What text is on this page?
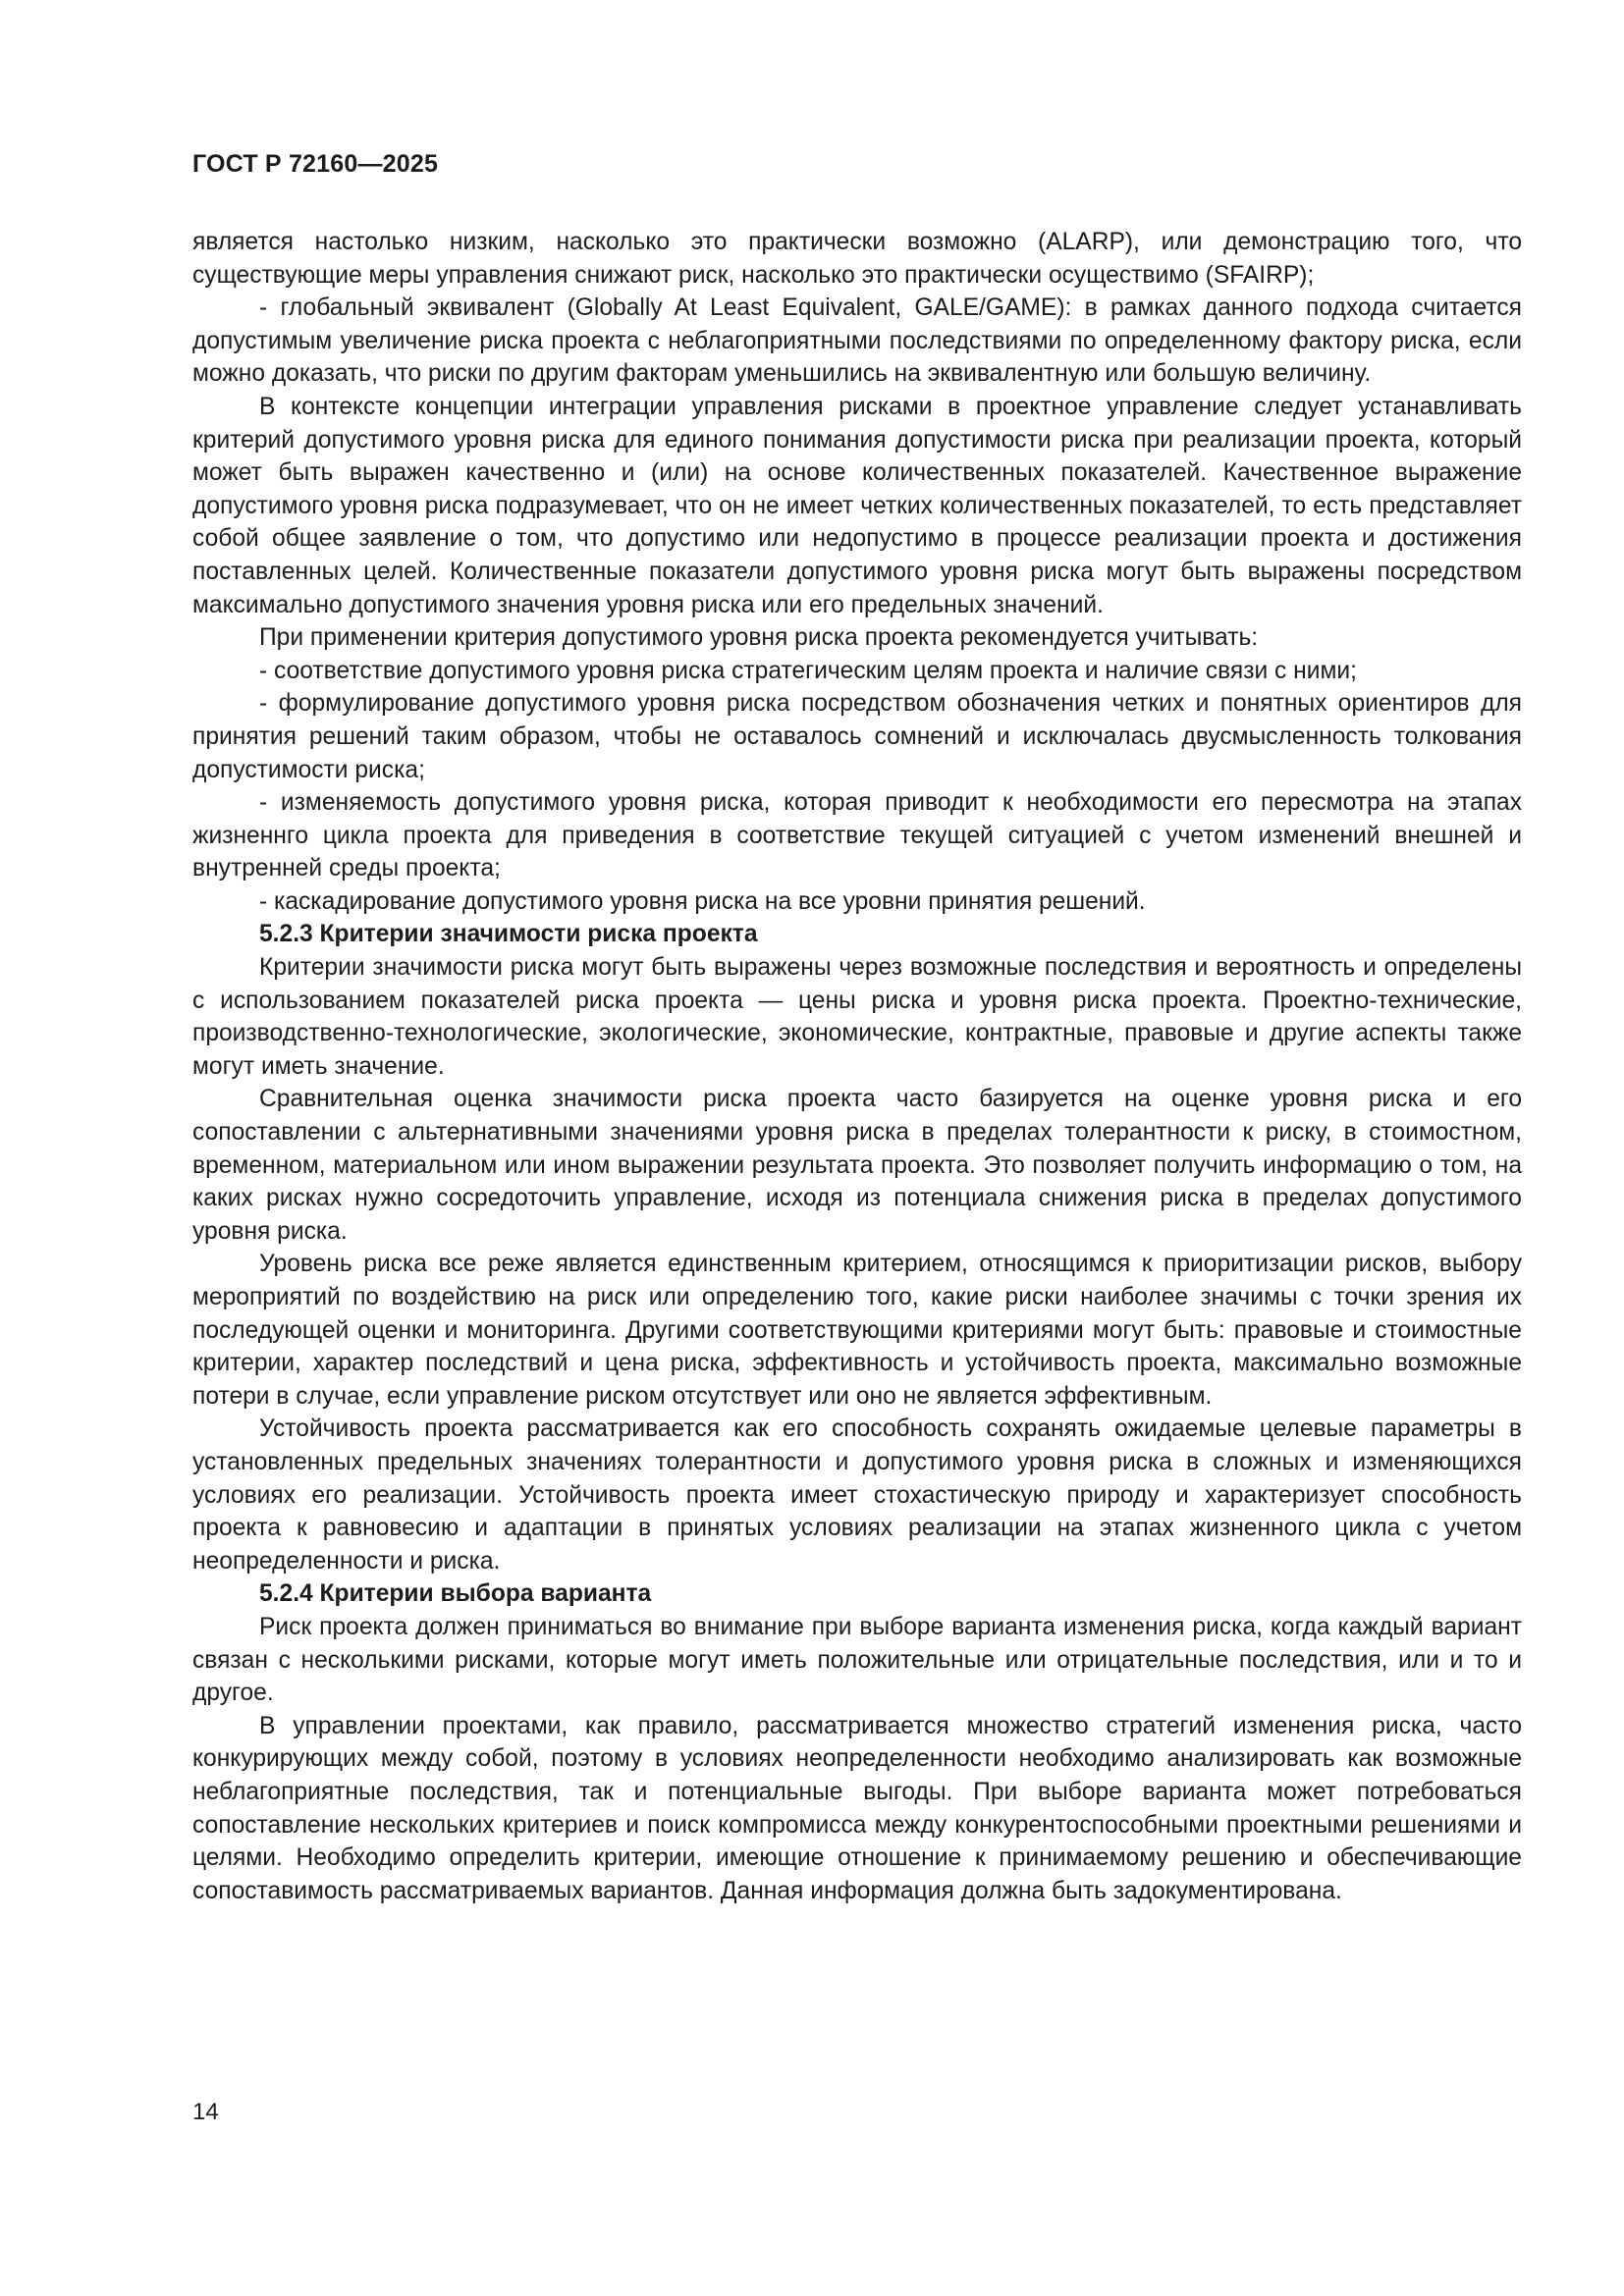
ГОСТ Р 72160—2025

является настолько низким, насколько это практически возможно (ALARP), или демонстрацию того, что существующие меры управления снижают риск, насколько это практически осуществимо (SFAIRP);

- глобальный эквивалент (Globally At Least Equivalent, GALE/GAME): в рамках данного подхода считается допустимым увеличение риска проекта с неблагоприятными последствиями по определенному фактору риска, если можно доказать, что риски по другим факторам уменьшились на эквивалентную или большую величину.

В контексте концепции интеграции управления рисками в проектное управление следует устанавливать критерий допустимого уровня риска для единого понимания допустимости риска при реализации проекта, который может быть выражен качественно и (или) на основе количественных показателей. Качественное выражение допустимого уровня риска подразумевает, что он не имеет четких количественных показателей, то есть представляет собой общее заявление о том, что допустимо или недопустимо в процессе реализации проекта и достижения поставленных целей. Количественные показатели допустимого уровня риска могут быть выражены посредством максимально допустимого значения уровня риска или его предельных значений.

При применении критерия допустимого уровня риска проекта рекомендуется учитывать:

- соответствие допустимого уровня риска стратегическим целям проекта и наличие связи с ними;

- формулирование допустимого уровня риска посредством обозначения четких и понятных ориентиров для принятия решений таким образом, чтобы не оставалось сомнений и исключалась двусмысленность толкования допустимости риска;

- изменяемость допустимого уровня риска, которая приводит к необходимости его пересмотра на этапах жизненнго цикла проекта для приведения в соответствие текущей ситуацией с учетом изменений внешней и внутренней среды проекта;

- каскадирование допустимого уровня риска на все уровни принятия решений.

5.2.3 Критерии значимости риска проекта

Критерии значимости риска могут быть выражены через возможные последствия и вероятность и определены с использованием показателей риска проекта — цены риска и уровня риска проекта. Проектно-технические, производственно-технологические, экологические, экономические, контрактные, правовые и другие аспекты также могут иметь значение.

Сравнительная оценка значимости риска проекта часто базируется на оценке уровня риска и его сопоставлении с альтернативными значениями уровня риска в пределах толерантности к риску, в стоимостном, временном, материальном или ином выражении результата проекта. Это позволяет получить информацию о том, на каких рисках нужно сосредоточить управление, исходя из потенциала снижения риска в пределах допустимого уровня риска.

Уровень риска все реже является единственным критерием, относящимся к приоритизации рисков, выбору мероприятий по воздействию на риск или определению того, какие риски наиболее значимы с точки зрения их последующей оценки и мониторинга. Другими соответствующими критериями могут быть: правовые и стоимостные критерии, характер последствий и цена риска, эффективность и устойчивость проекта, максимально возможные потери в случае, если управление риском отсутствует или оно не является эффективным.

Устойчивость проекта рассматривается как его способность сохранять ожидаемые целевые параметры в установленных предельных значениях толерантности и допустимого уровня риска в сложных и изменяющихся условиях его реализации. Устойчивость проекта имеет стохастическую природу и характеризует способность проекта к равновесию и адаптации в принятых условиях реализации на этапах жизненного цикла с учетом неопределенности и риска.

5.2.4 Критерии выбора варианта

Риск проекта должен приниматься во внимание при выборе варианта изменения риска, когда каждый вариант связан с несколькими рисками, которые могут иметь положительные или отрицательные последствия, или и то и другое.

В управлении проектами, как правило, рассматривается множество стратегий изменения риска, часто конкурирующих между собой, поэтому в условиях неопределенности необходимо анализировать как возможные неблагоприятные последствия, так и потенциальные выгоды. При выборе варианта может потребоваться сопоставление нескольких критериев и поиск компромисса между конкурентоспособными проектными решениями и целями. Необходимо определить критерии, имеющие отношение к принимаемому решению и обеспечивающие сопоставимость рассматриваемых вариантов. Данная информация должна быть задокументирована.

14
